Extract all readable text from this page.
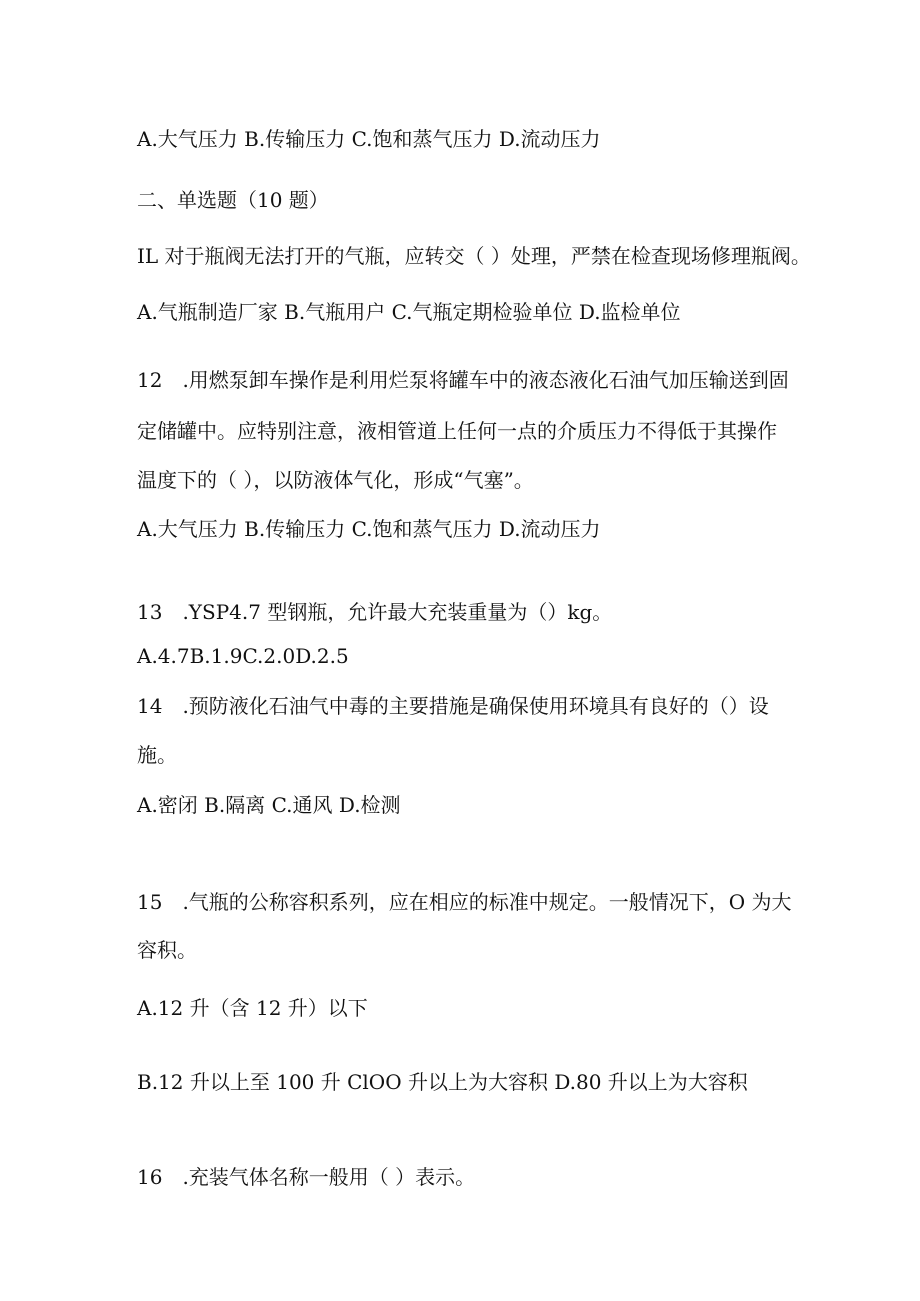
A.大气压力 B.传输压力 C.饱和蒸气压力 D.流动压力
二、单选题（10 题）
IL 对于瓶阀无法打开的气瓶，应转交（ ）处理，严禁在检查现场修理瓶阀。
A.气瓶制造厂家 B.气瓶用户 C.气瓶定期检验单位 D.监检单位
12　.用燃泵卸车操作是利用烂泵将罐车中的液态液化石油气加压输送到固
定储罐中。应特别注意，液相管道上任何一点的介质压力不得低于其操作
温度下的（ ），以防液体气化，形成“气塞”。
A.大气压力 B.传输压力 C.饱和蒸气压力 D.流动压力
13　.YSP4.7 型钢瓶，允许最大充装重量为（）kg。
A.4.7B.1.9C.2.0D.2.5
14　.预防液化石油气中毒的主要措施是确保使用环境具有良好的（）设
施。
A.密闭 B.隔离 C.通风 D.检测
15　.气瓶的公称容积系列，应在相应的标准中规定。一般情况下，O 为大
容积。
A.12 升（含 12 升）以下
B.12 升以上至 100 升 ClOO 升以上为大容积 D.80 升以上为大容积
16　.充装气体名称一般用（ ）表示。
